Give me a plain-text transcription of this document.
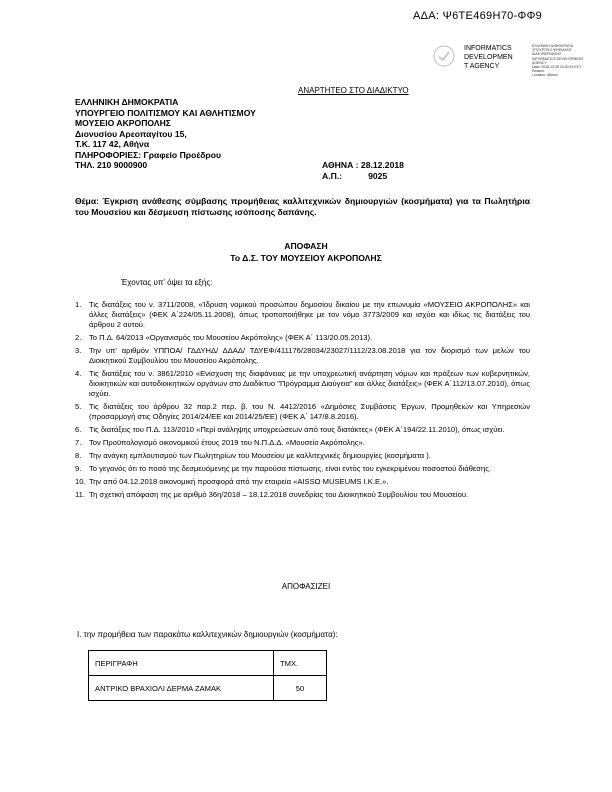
ΑΔΑ: Ψ6ΤΕ469Η70-ΦΦ9
INFORMATICS
DEVELOPMEN
T AGENCY
ΕΛΛΗΝΙΚΗ ΔΗΜΟΚΡΑΤΙΑ
ΥΠΟΥΡΓΕΙΟ ΨΗΦΙΑΚΗΣ
ΔΙΑΚΥΒΕΡΝΗΣΗΣ
INFORMATICS DEVELOPMENT AGENCY
Date: 2018.12.28 15:40:25 EET
Reason:
Location: Athens
ΑΝΑΡΤΗΤΕΟ ΣΤΟ ΔΙΑΔΙΚΤΥΟ
ΕΛΛΗΝΙΚΗ ΔΗΜΟΚΡΑΤΙΑ
ΥΠΟΥΡΓΕΙΟ ΠΟΛΙΤΙΣΜΟΥ ΚΑΙ ΑΘΛΗΤΙΣΜΟΥ
ΜΟΥΣΕΙΟ ΑΚΡΟΠΟΛΗΣ
Διονυσίου Αρεοπαγίτου 15,
Τ.Κ. 117 42, Αθήνα
ΠΛΗΡΟΦΟΡΙΕΣ: Γραφείο Προέδρου
ΤΗΛ. 210 9000900	ΑΘΗΝΑ : 28.12.2018
Α.Π.:	9025
Θέμα: Έγκριση ανάθεσης σύμβασης προμήθειας καλλιτεχνικών δημιουργιών (κοσμήματα) για τα Πωλητήρια του Μουσείου και δέσμευση πίστωσης ισόποσης δαπάνης.
ΑΠΟΦΑΣΗ
Το Δ.Σ. ΤΟΥ ΜΟΥΣΕΙΟΥ ΑΚΡΟΠΟΛΗΣ
Έχοντας υπ' όψει τα εξής:
1.	Τις διατάξεις του ν. 3711/2008, «Ίδρυση νομικού προσώπου δημοσίου δικαίου με την επωνυμία «ΜΟΥΣΕΙΟ ΑΚΡΟΠΟΛΗΣ» και άλλες διατάξεις» (ΦΕΚ Α΄224/05.11.2008), όπως τροποποιήθηκε με τον νόμο 3773/2009 και ισχύει και ιδίως τις διατάξεις του άρθρου 2 αυτού.
2.	Το Π.Δ. 64/2013 «Οργανισμός του Μουσείου Ακρόπολης» (ΦΕΚ Α΄ 113/20.05.2013).
3.	Την υπ' αριθμόν ΥΠΠΟΑ/ ΓΔΔΥΗΔ/ ΔΔΑΔ/ ΤΔΥΕΦ/411176/28034/23027/1112/23.08.2018 για τον διορισμό των μελών του Διοικητικού Συμβουλίου του Μουσείου Ακρόπολης.
4.	Τις διατάξεις του ν. 3861/2010 «Ενίσχυση της διαφάνειας με την υποχρεωτική ανάρτηση νόμων και πράξεων των κυβερνητικών, διοικητικών και αυτοδιοικητικών οργάνων στο Διαδίκτυο "Πρόγραμμα Διαύγεια" και άλλες διατάξεις» (ΦΕΚ Α΄112/13.07.2010), όπως ισχύει.
5.	Τις διατάξεις του άρθρου 32 παρ.2 περ. β. του Ν. 4412/2016 «Δημόσιες Συμβάσεις Έργων, Προμηθειών και Υπηρεσιών (προσαρμογή στις Οδηγίες 2014/24/ΕΕ και 2014/25/ΕΕ) (ΦΕΚ Α΄ 147/8.8.2016).
6.	Τις διατάξεις του Π.Δ. 113/2010 «Περί ανάληψης υποχρεώσεων από τους διατάκτες» (ΦΕΚ Α΄194/22.11.2010), όπως ισχύει.
7.	Τον Προϋπολογισμό οικονομικού έτους 2019 του Ν.Π.Δ.Δ. «Μουσείο Ακρόπολης».
8.	Την ανάγκη εμπλουτισμού των Πωλητηρίων του Μουσείου με καλλιτεχνικές δημιουργίες (κοσμήματα ).
9.	Το γεγονός ότι το ποσό της δεσμευόμενης με την παρούσα πίστωσης, είναι εντός του εγκεκριμένου ποσοστού διάθεσης.
10. Την από 04.12.2018 οικονομική προσφορά από την εταιρεία «AISSO MUSEUMS I.K.E.».
11. Τη σχετική απόφαση της με αριθμό 36η/2018 – 18.12.2018 συνεδρίας του Διοικητικού Συμβουλίου του Μουσείου.
ΑΠΟΦΑΣΙΖΕΙ
Ι. την προμήθεια των παρακάτω καλλιτεχνικών δημιουργιών (κοσμήματα):
ΠΕΡΙΓΡΑΦΗ	ΤΜΧ.
ΑΝΤΡΙΚΟ ΒΡΑΧΙΟΛΙ ΔΕΡΜΑ ΖΑΜΑΚ	50
